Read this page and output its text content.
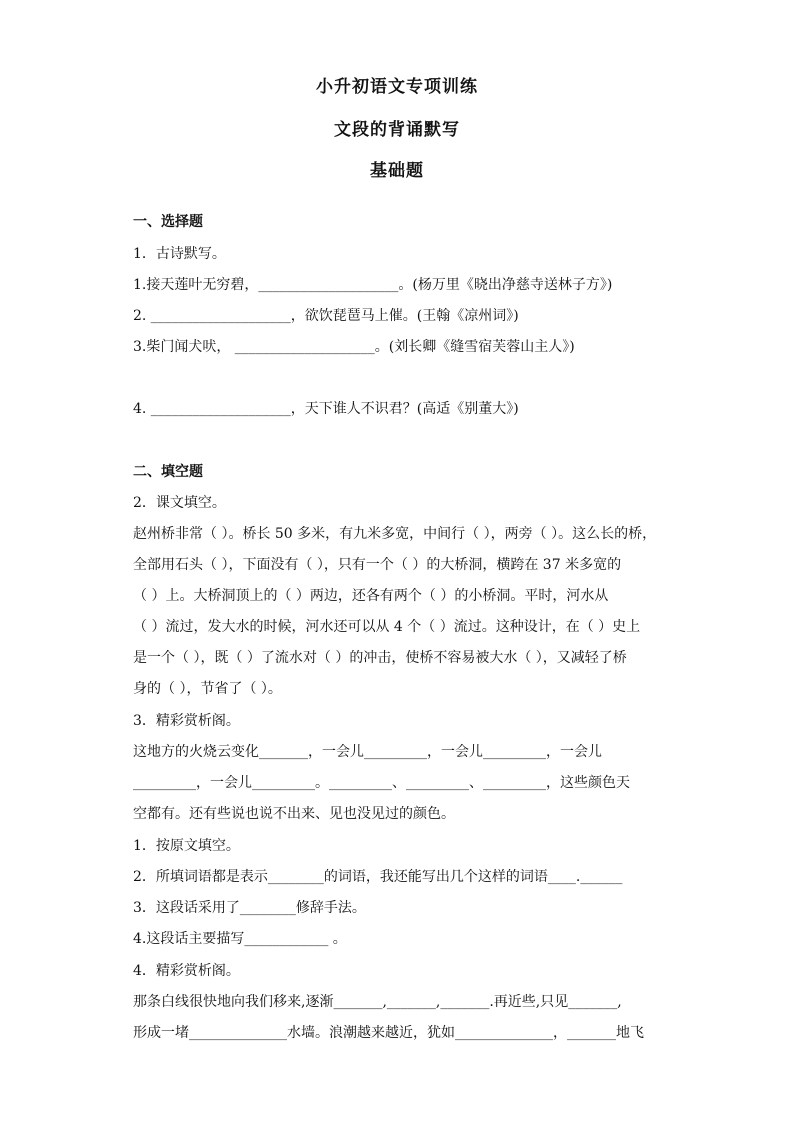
小升初语文专项训练
文段的背诵默写
基础题
一、选择题
1．古诗默写。
1.接天莲叶无穷碧，____________________。(杨万里《晓出净慈寺送林子方》)
2. ____________________，欲饮琵琶马上催。(王翰《凉州词》)
3.柴门闻犬吠， ____________________。(刘长卿《缝雪宿芙蓉山主人》)
4. ____________________，天下谁人不识君？(高适《别董大》)
二、填空题
2．课文填空。
赵州桥非常（ ）。桥长 50 多米，有九米多宽，中间行（ ），两旁（ ）。这么长的桥，
全部用石头（ ），下面没有（ ），只有一个（ ）的大桥洞，横跨在 37 米多宽的
（ ）上。大桥洞顶上的（ ）两边，还各有两个（ ）的小桥洞。平时，河水从
（ ）流过，发大水的时候，河水还可以从 4 个（ ）流过。这种设计，在（ ）史上
是一个（ ），既（ ）了流水对（ ）的冲击，使桥不容易被大水（ ），又减轻了桥
身的（ ），节省了（ ）。
3．精彩赏析阁。
这地方的火烧云变化_______，一会儿_________，一会儿_________，一会儿
_________，一会儿_________。_________、_________、_________，这些颜色天
空都有。还有些说也说不出来、见也没见过的颜色。
1．按原文填空。
2．所填词语都是表示________的词语，我还能写出几个这样的词语____.______
3．这段话采用了________修辞手法。
4.这段话主要描写____________ 。
4．精彩赏析阁。
那条白线很快地向我们移来,逐渐_______,_______,_______.再近些,只见_______,
形成一堵______________水墙。浪潮越来越近，犹如______________，_______地飞
